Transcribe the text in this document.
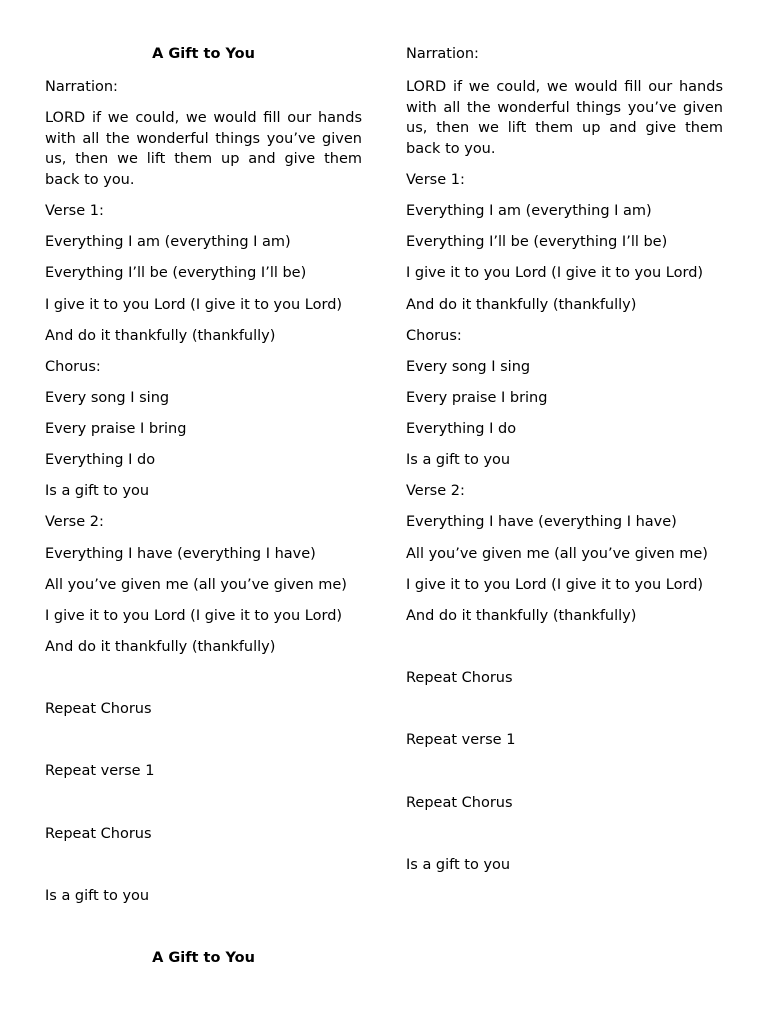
A Gift to You
Narration:
LORD if we could, we would fill our hands with all the wonderful things you’ve given us, then we lift them up and give them back to you.
Verse 1:
Everything I am (everything I am)
Everything I’ll be (everything I’ll be)
I give it to you Lord (I give it to you Lord)
And do it thankfully (thankfully)
Chorus:
Every song I sing
Every praise I bring
Everything I do
Is a gift to you
Verse 2:
Everything I have (everything I have)
All you’ve given me (all you’ve given me)
I give it to you Lord (I give it to you Lord)
And do it thankfully (thankfully)
Repeat Chorus
Repeat verse 1
Repeat Chorus
Is a gift to you
A Gift to You
Narration:
LORD if we could, we would fill our hands with all the wonderful things you’ve given us, then we lift them up and give them back to you.
Verse 1:
Everything I am (everything I am)
Everything I’ll be (everything I’ll be)
I give it to you Lord (I give it to you Lord)
And do it thankfully (thankfully)
Chorus:
Every song I sing
Every praise I bring
Everything I do
Is a gift to you
Verse 2:
Everything I have (everything I have)
All you’ve given me (all you’ve given me)
I give it to you Lord (I give it to you Lord)
And do it thankfully (thankfully)
Repeat Chorus
Repeat verse 1
Repeat Chorus
Is a gift to you
